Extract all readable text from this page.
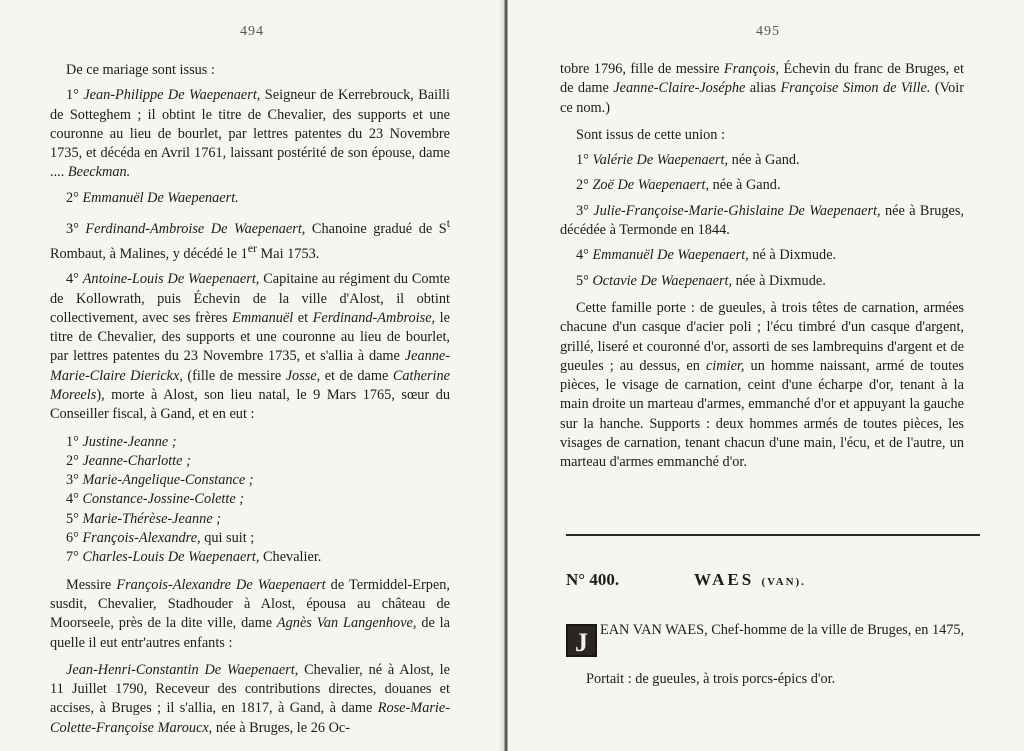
494

De ce mariage sont issus :

1° Jean-Philippe De Waepenaert, Seigneur de Kerrebrouck, Bailli de Sotteghem ; il obtint le titre de Chevalier, des supports et une couronne au lieu de bourlet, par lettres patentes du 23 Novembre 1735, et décéda en Avril 1761, laissant postérité de son épouse, dame .... Beeckman.

2° Emmanuël De Waepenaert.

3° Ferdinand-Ambroise De Waepenaert, Chanoine gradué de $S^t$ Rombaut, à Malines, y décédé le 1er Mai 1753.

4° Antoine-Louis De Waepenaert, Capitaine au régiment du Comte de Kollowrath, puis Échevin de la ville d'Alost, il obtint collectivement, avec ses frères Emmanuël et Ferdinand-Ambroise, le titre de Chevalier, des supports et une couronne au lieu de bourlet, par lettres patentes du 23 Novembre 1735, et s'allia à dame Jeanne-Marie-Claire Dierickx, (fille de messire Josse, et de dame Catherine Moreels), morte à Alost, son lieu natal, le 9 Mars 1765, sœur du Conseiller fiscal, à Gand, et en eut :

1° Justine-Jeanne ;

2° Jeanne-Charlotte ;

3° Marie-Angelique-Constance ;

4° Constance-Jossine-Colette ;

5° Marie-Thérèse-Jeanne ;

6° François-Alexandre, qui suit ;

7° Charles-Louis De Waepenaert, Chevalier.

Messire François-Alexandre De Waepenaert de Termiddel-Erpen, susdit, Chevalier, Stadhouder à Alost, épousa au château de Moorseele, près de la dite ville, dame Agnès Van Langenhove, de la quelle il eut entr'autres enfants :

Jean-Henri-Constantin De Waepenaert, Chevalier, né à Alost, le 11 Juillet 1790, Receveur des contributions directes, douanes et accises, à Bruges ; il s'allia, en 1817, à Gand, à dame Rose-Marie-Colette-Françoise Maroucx, née à Bruges, le 26 Oc-

495

tobre 1796, fille de messire François, Échevin du franc de Bruges, et de dame Jeanne-Claire-Joséphe alias Françoise Simon de Ville. (Voir ce nom.)

Sont issus de cette union :

1° Valérie De Waepenaert, née à Gand.

2° Zoë De Waepenaert, née à Gand.

3° Julie-Françoise-Marie-Ghislaine De Waepenaert, née à Bruges, décédée à Termonde en 1844.

4° Emmanuël De Waepenaert, né à Dixmude.

5° Octavie De Waepenaert, née à Dixmude.

Cette famille porte : de gueules, à trois têtes de carnation, armées chacune d'un casque d'acier poli ; l'écu timbré d'un casque d'argent, grillé, liseré et couronné d'or, assorti de ses lambrequins d'argent et de gueules ; au dessus, en cimier, un homme naissant, armé de toutes pièces, le visage de carnation, ceint d'une écharpe d'or, tenant à la main droite un marteau d'armes, emmanché d'or et appuyant la gauche sur la hanche. Supports : deux hommes armés de toutes pièces, les visages de carnation, tenant chacun d'une main, l'écu, et de l'autre, un marteau d'armes emmanché d'or.

N° 400.	WAES (VAN).
J EAN VAN WAES, Chef-homme de la ville de Bruges, en 1475,

Portait : de gueules, à trois porcs-épics d'or.
